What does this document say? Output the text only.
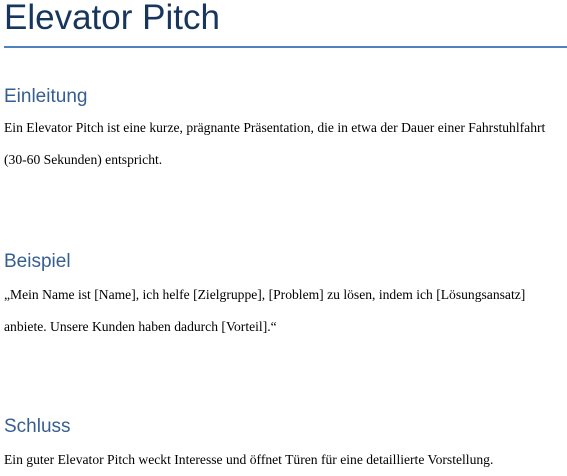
Elevator Pitch
Einleitung

Ein Elevator Pitch ist eine kurze, prägnante Präsentation, die in etwa der Dauer einer Fahrstuhlfahrt (30-60 Sekunden) entspricht.

Beispiel

„Mein Name ist [Name], ich helfe [Zielgruppe], [Problem] zu lösen, indem ich [Lösungsansatz] anbiete. Unsere Kunden haben dadurch [Vorteil].“

Schluss

Ein guter Elevator Pitch weckt Interesse und öffnet Türen für eine detaillierte Vorstellung.
